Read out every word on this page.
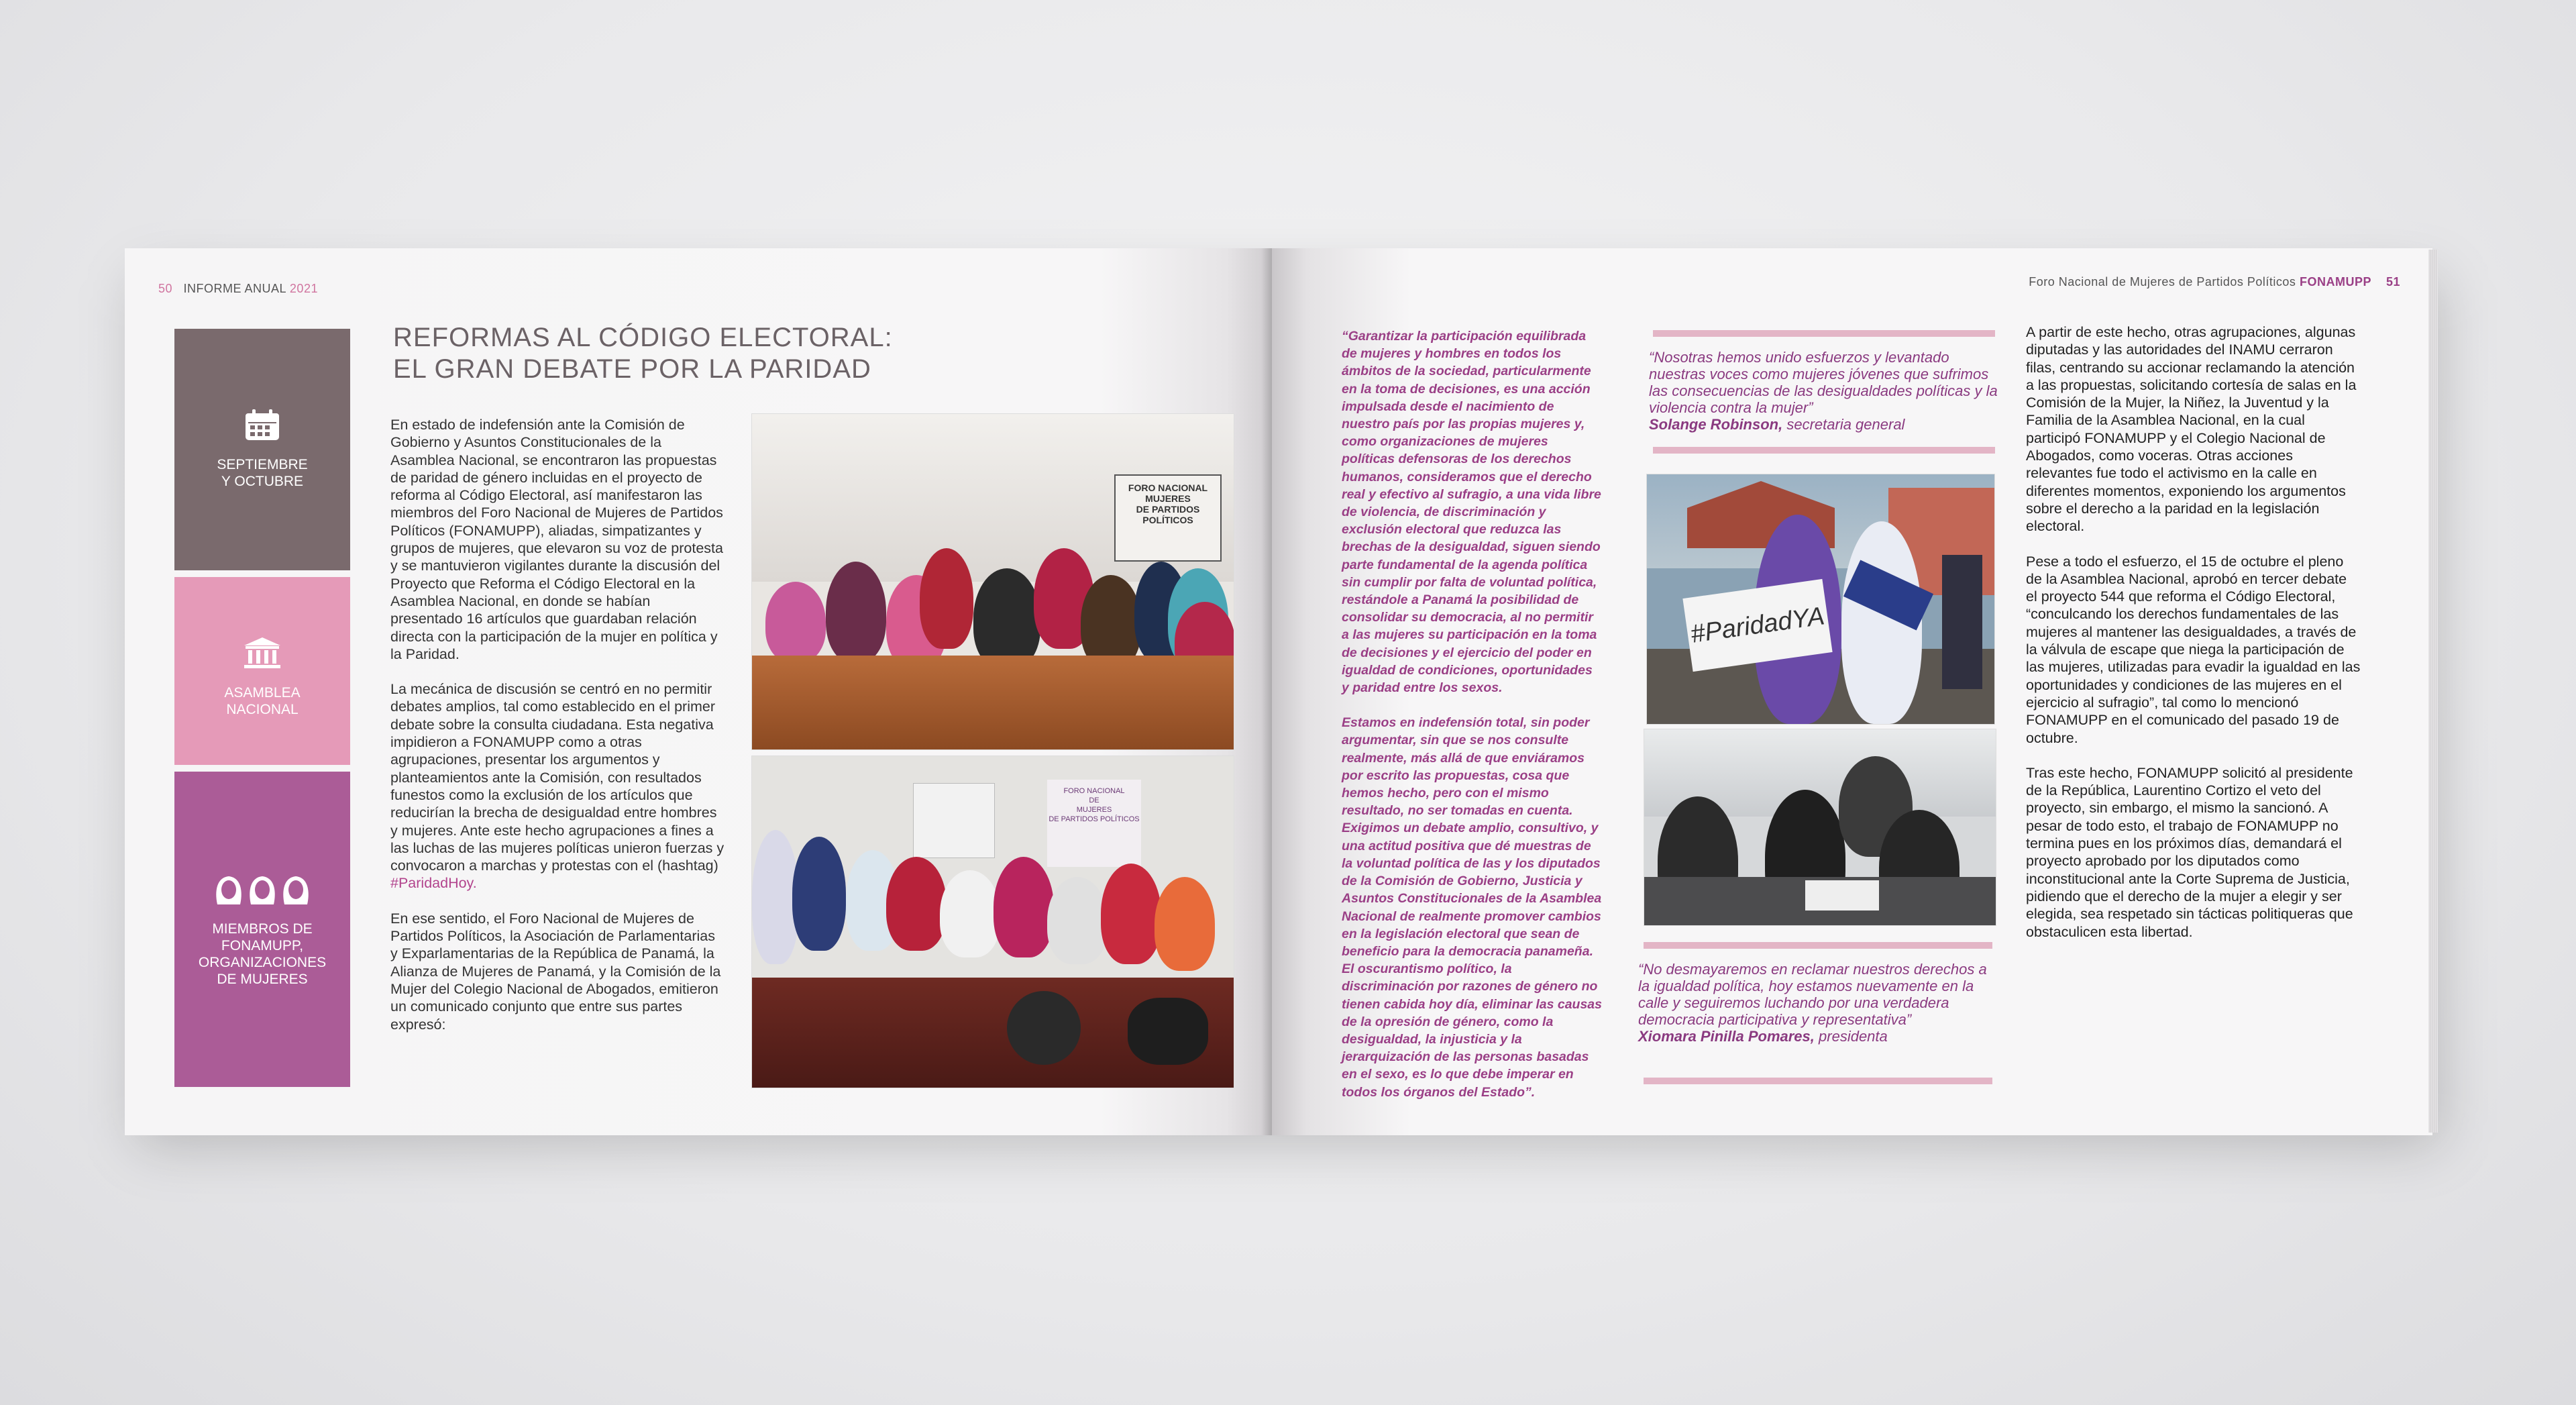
50 INFORME ANUAL 2021
SEPTIEMBRE
Y OCTUBRE
ASAMBLEA
NACIONAL
MIEMBROS DE
FONAMUPP,
ORGANIZACIONES
DE MUJERES
REFORMAS AL CÓDIGO ELECTORAL:
EL GRAN DEBATE POR LA PARIDAD

En estado de indefensión ante la Comisión de Gobierno y Asuntos Constitucionales de la Asamblea Nacional, se encontraron las propuestas de paridad de género incluidas en el proyecto de reforma al Código Electoral, así manifestaron las miembros del Foro Nacional de Mujeres de Partidos Políticos (FONAMUPP), aliadas, simpatizantes y grupos de mujeres, que elevaron su voz de protesta y se mantuvieron vigilantes durante la discusión del Proyecto que Reforma el Código Electoral en la Asamblea Nacional, en donde se habían presentado 16 artículos que guardaban relación directa con la participación de la mujer en política y la Paridad.

La mecánica de discusión se centró en no permitir debates amplios, tal como establecido en el primer debate sobre la consulta ciudadana. Esta negativa impidieron a FONAMUPP como a otras agrupaciones, presentar los argumentos y planteamientos ante la Comisión, con resultados funestos como la exclusión de los artículos que reducirían la brecha de desigualdad entre hombres y mujeres. Ante este hecho agrupaciones a fines a las luchas de las mujeres políticas unieron fuerzas y convocaron a marchas y protestas con el (hashtag) #ParidadHoy.

En ese sentido, el Foro Nacional de Mujeres de Partidos Políticos, la Asociación de Parlamentarias y Exparlamentarias de la República de Panamá, la Alianza de Mujeres de Panamá, y la Comisión de la Mujer del Colegio Nacional de Abogados, emitieron un comunicado conjunto que entre sus partes expresó:

FORO NACIONAL
MUJERES
DE PARTIDOS POLÍTICOS
FORO NACIONAL
DE
MUJERES
DE PARTIDOS POLÍTICOS
Foro Nacional de Mujeres de Partidos Políticos FONAMUPP 51

“Garantizar la participación equilibrada de mujeres y hombres en todos los ámbitos de la sociedad, particularmente en la toma de decisiones, es una acción impulsada desde el nacimiento de nuestro país por las propias mujeres y, como organizaciones de mujeres políticas defensoras de los derechos humanos, consideramos que el derecho real y efectivo al sufragio, a una vida libre de violencia, de discriminación y exclusión electoral que reduzca las brechas de la desigualdad, siguen siendo parte fundamental de la agenda política sin cumplir por falta de voluntad política, restándole a Panamá la posibilidad de consolidar su democracia, al no permitir a las mujeres su participación en la toma de decisiones y el ejercicio del poder en igualdad de condiciones, oportunidades y paridad entre los sexos.

Estamos en indefensión total, sin poder argumentar, sin que se nos consulte realmente, más allá de que enviáramos por escrito las propuestas, cosa que hemos hecho, pero con el mismo resultado, no ser tomadas en cuenta. Exigimos un debate amplio, consultivo, y una actitud positiva que dé muestras de la voluntad política de las y los diputados de la Comisión de Gobierno, Justicia y Asuntos Constitucionales de la Asamblea Nacional de realmente promover cambios en la legislación electoral que sean de beneficio para la democracia panameña. El oscurantismo político, la discriminación por razones de género no tienen cabida hoy día, eliminar las causas de la opresión de género, como la desigualdad, la injusticia y la jerarquización de las personas basadas en el sexo, es lo que debe imperar en todos los órganos del Estado”.

“Nosotras hemos unido esfuerzos y levantado nuestras voces como mujeres jóvenes que sufrimos las consecuencias de las desigualdades políticas y la violencia contra la mujer”
Solange Robinson, secretaria general
#ParidadYA
“No desmayaremos en reclamar nuestros derechos a la igualdad política, hoy estamos nuevamente en la calle y seguiremos luchando por una verdadera democracia participativa y representativa”
Xiomara Pinilla Pomares, presidenta

A partir de este hecho, otras agrupaciones, algunas diputadas y las autoridades del INAMU cerraron filas, centrando su accionar reclamando la atención a las propuestas, solicitando cortesía de salas en la Comisión de la Mujer, la Niñez, la Juventud y la Familia de la Asamblea Nacional, en la cual participó FONAMUPP y el Colegio Nacional de Abogados, como voceras. Otras acciones relevantes fue todo el activismo en la calle en diferentes momentos, exponiendo los argumentos sobre el derecho a la paridad en la legislación electoral.

Pese a todo el esfuerzo, el 15 de octubre el pleno de la Asamblea Nacional, aprobó en tercer debate el proyecto 544 que reforma el Código Electoral, “conculcando los derechos fundamentales de las mujeres al mantener las desigualdades, a través de la válvula de escape que niega la participación de las mujeres, utilizadas para evadir la igualdad en las oportunidades y condiciones de las mujeres en el ejercicio al sufragio”, tal como lo mencionó FONAMUPP en el comunicado del pasado 19 de octubre.

Tras este hecho, FONAMUPP solicitó al presidente de la República, Laurentino Cortizo el veto del proyecto, sin embargo, el mismo la sancionó. A pesar de todo esto, el trabajo de FONAMUPP no termina pues en los próximos días, demandará el proyecto aprobado por los diputados como inconstitucional ante la Corte Suprema de Justicia, pidiendo que el derecho de la mujer a elegir y ser elegida, sea respetado sin tácticas politiqueras que obstaculicen esta libertad.
